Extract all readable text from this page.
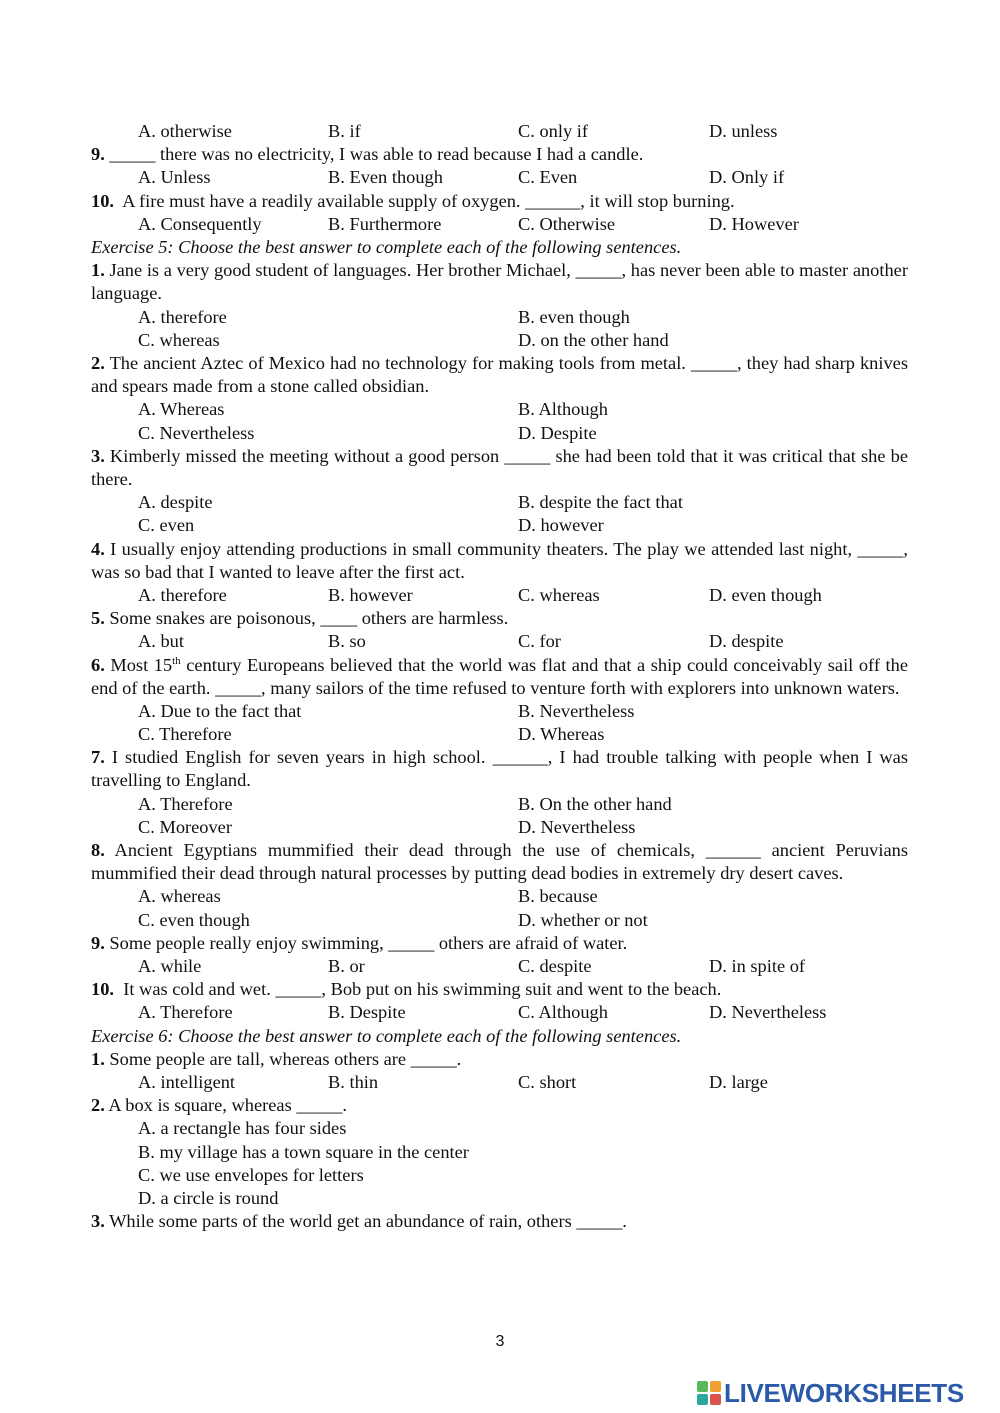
A. otherwise	B. if	C. only if	D. unless
9. _____ there was no electricity, I was able to read because I had a candle.
A. Unless	B. Even though	C. Even	D. Only if
10. A fire must have a readily available supply of oxygen. ______, it will stop burning.
A. Consequently	B. Furthermore	C. Otherwise	D. However
Exercise 5: Choose the best answer to complete each of the following sentences.
1. Jane is a very good student of languages. Her brother Michael, _____, has never been able to master another language.
A. therefore	B. even though
C. whereas	D. on the other hand
2. The ancient Aztec of Mexico had no technology for making tools from metal. _____, they had sharp knives and spears made from a stone called obsidian.
A. Whereas	B. Although
C. Nevertheless	D. Despite
3. Kimberly missed the meeting without a good person _____ she had been told that it was critical that she be there.
A. despite	B. despite the fact that
C. even	D. however
4. I usually enjoy attending productions in small community theaters. The play we attended last night, _____, was so bad that I wanted to leave after the first act.
A. therefore	B. however	C. whereas	D. even though
5. Some snakes are poisonous, ____ others are harmless.
A. but	B. so	C. for	D. despite
6. Most 15th century Europeans believed that the world was flat and that a ship could conceivably sail off the end of the earth. _____, many sailors of the time refused to venture forth with explorers into unknown waters.
A. Due to the fact that	B. Nevertheless
C. Therefore	D. Whereas
7. I studied English for seven years in high school. ______, I had trouble talking with people when I was travelling to England.
A. Therefore	B. On the other hand
C. Moreover	D. Nevertheless
8. Ancient Egyptians mummified their dead through the use of chemicals, ______ ancient Peruvians mummified their dead through natural processes by putting dead bodies in extremely dry desert caves.
A. whereas	B. because
C. even though	D. whether or not
9. Some people really enjoy swimming, _____ others are afraid of water.
A. while	B. or	C. despite	D. in spite of
10. It was cold and wet. _____, Bob put on his swimming suit and went to the beach.
A. Therefore	B. Despite	C. Although	D. Nevertheless
Exercise 6: Choose the best answer to complete each of the following sentences.
1. Some people are tall, whereas others are _____.
A. intelligent	B. thin	C. short	D. large
2. A box is square, whereas _____.
A. a rectangle has four sides
B. my village has a town square in the center
C. we use envelopes for letters
D. a circle is round
3. While some parts of the world get an abundance of rain, others _____.
3
LIVEWORKSHEETS
